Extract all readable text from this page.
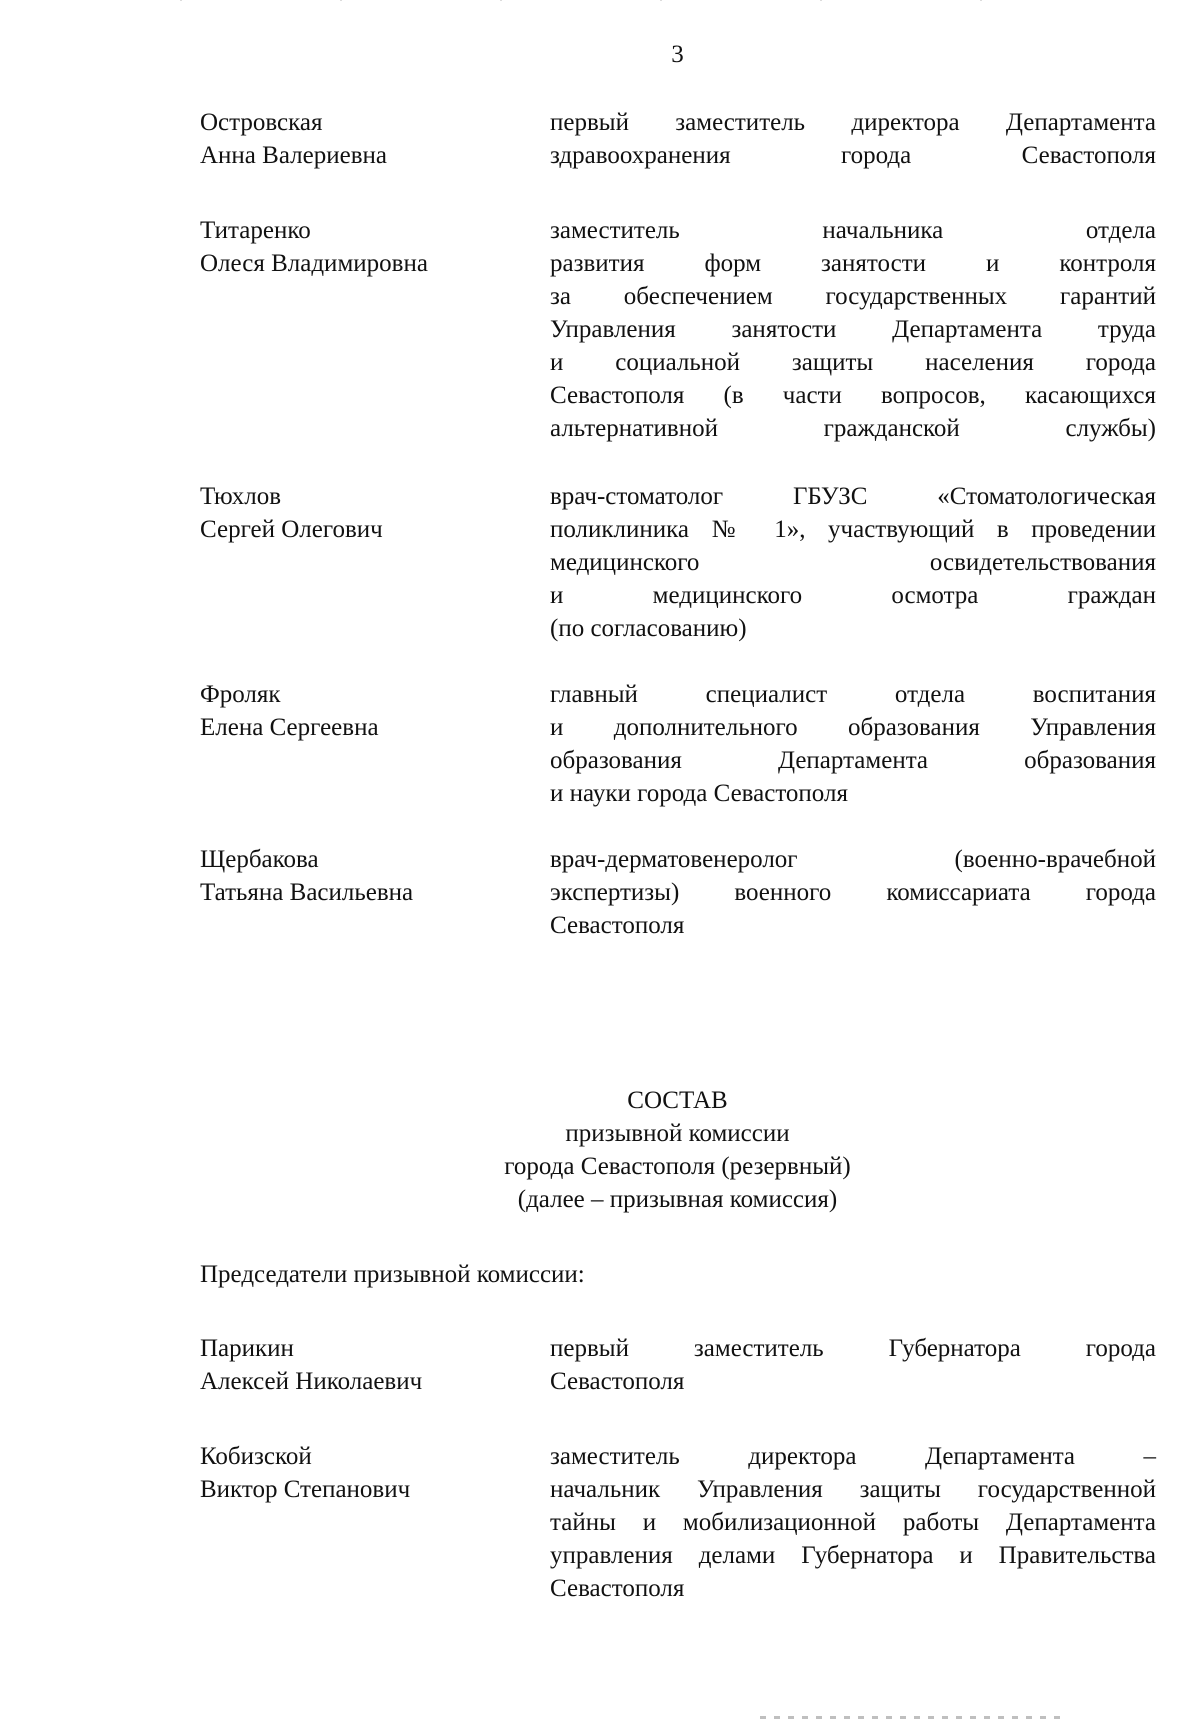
3
Островская
Анна Валериевна
первый заместитель директора Департамента
здравоохранения города Севастополя
Титаренко
Олеся Владимировна
заместитель начальника отдела
развития форм занятости и контроля
за обеспечением государственных гарантий
Управления занятости Департамента труда
и социальной защиты населения города
Севастополя (в части вопросов, касающихся
альтернативной гражданской службы)
Тюхлов
Сергей Олегович
врач-стоматолог ГБУЗС «Стоматологическая
поликлиника № 1», участвующий в проведении
медицинского освидетельствования
и медицинского осмотра граждан
(по согласованию)
Фроляк
Елена Сергеевна
главный специалист отдела воспитания
и дополнительного образования Управления
образования Департамента образования
и науки города Севастополя
Щербакова
Татьяна Васильевна
врач-дерматовенеролог (военно-врачебной
экспертизы) военного комиссариата города
Севастополя
СОСТАВ
призывной комиссии
города Севастополя (резервный)
(далее – призывная комиссия)
Председатели призывной комиссии:
Парикин
Алексей Николаевич
первый заместитель Губернатора города
Севастополя
Кобизской
Виктор Степанович
заместитель директора Департамента –
начальник Управления защиты государственной
тайны и мобилизационной работы Департамента
управления делами Губернатора и Правительства
Севастополя
